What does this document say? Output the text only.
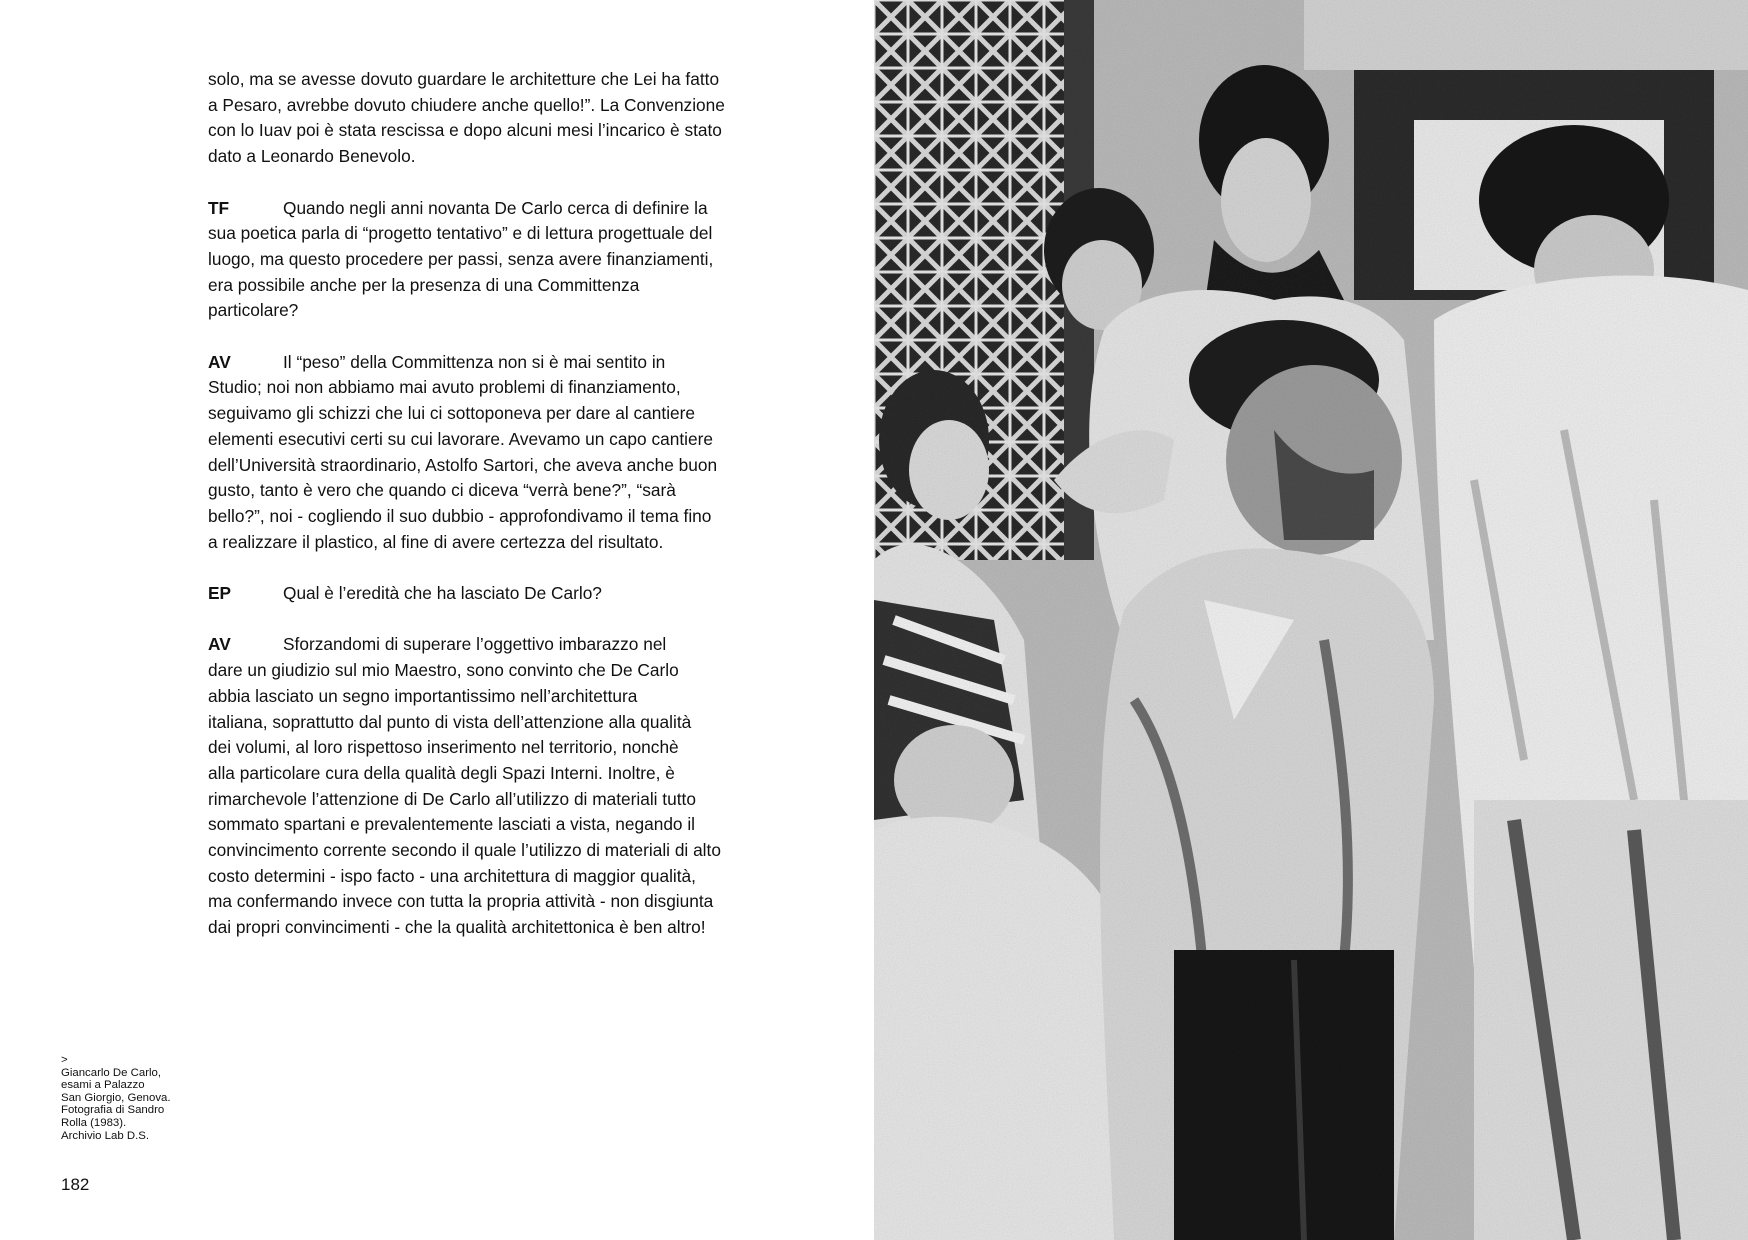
solo, ma se avesse dovuto guardare le architetture che Lei ha fatto
a Pesaro, avrebbe dovuto chiudere anche quello!”. La Convenzione
con lo Iuav poi è stata rescissa e dopo alcuni mesi l’incarico è stato
dato a Leonardo Benevolo.

TF	Quando negli anni novanta De Carlo cerca di definire la
sua poetica parla di “progetto tentativo” e di lettura progettuale del
luogo, ma questo procedere per passi, senza avere finanziamenti,
era possibile anche per la presenza di una Committenza
particolare?

AV	Il “peso” della Committenza non si è mai sentito in
Studio; noi non abbiamo mai avuto problemi di finanziamento,
seguivamo gli schizzi che lui ci sottoponeva per dare al cantiere
elementi esecutivi certi su cui lavorare. Avevamo un capo cantiere
dell’Università straordinario, Astolfo Sartori, che aveva anche buon
gusto, tanto è vero che quando ci diceva “verrà bene?”, “sarà
bello?”, noi - cogliendo il suo dubbio - approfondivamo il tema fino
a realizzare il plastico, al fine di avere certezza del risultato.

EP	Qual è l’eredità che ha lasciato De Carlo?

AV	Sforzandomi di superare l’oggettivo imbarazzo nel
dare un giudizio sul mio Maestro, sono convinto che De Carlo
abbia lasciato un segno importantissimo nell’architettura
italiana, soprattutto dal punto di vista dell’attenzione alla qualità
dei volumi, al loro rispettoso inserimento nel territorio, nonchè
alla particolare cura della qualità degli Spazi Interni. Inoltre, è
rimarchevole l’attenzione di De Carlo all’utilizzo di materiali tutto
sommato spartani e prevalentemente lasciati a vista, negando il
convincimento corrente secondo il quale l’utilizzo di materiali di alto
costo determini - ispo facto - una architettura di maggior qualità,
ma confermando invece con tutta la propria attività - non disgiunta
dai propri convincimenti - che la qualità architettonica è ben altro!

>
Giancarlo De Carlo,
esami a Palazzo
San Giorgio, Genova.
Fotografia di Sandro
Rolla (1983).
Archivio Lab D.S.
182
